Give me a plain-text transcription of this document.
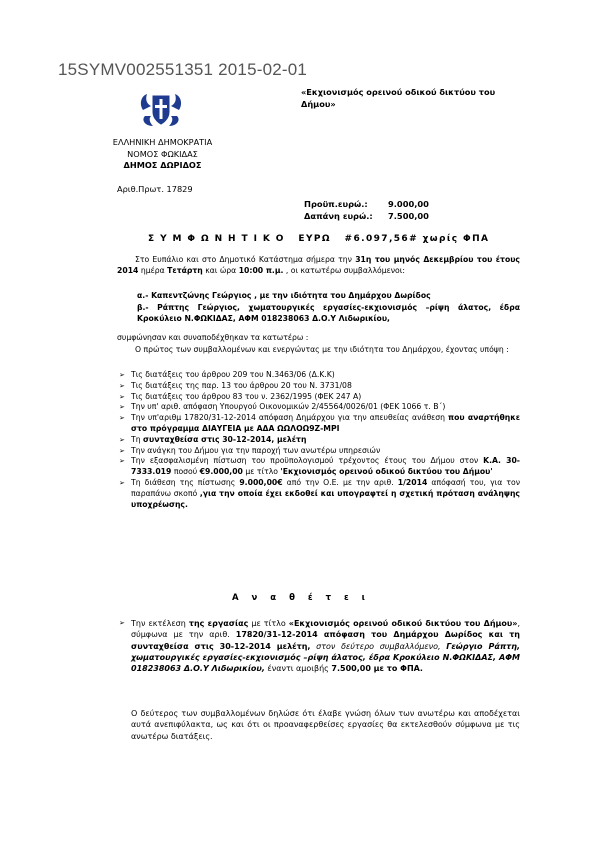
15SYMV002551351 2015-02-01
ΕΛΛΗΝΙΚΗ ΔΗΜΟΚΡΑΤΙΑ
ΝΟΜΟΣ ΦΩΚΙΔΑΣ
ΔΗΜΟΣ ΔΩΡΙΔΟΣ
«Εκχιονισμός ορεινού οδικού δικτύου του Δήμου»
Αριθ.Πρωτ. 17829
Προϋπ.ευρώ.: 9.000,00
Δαπάνη ευρώ.: 7.500,00
Σ Υ Μ Φ Ω Ν Η Τ Ι Κ Ο   ΕΥΡΩ   #6.097,56# χωρίς ΦΠΑ
Στο Ευπάλιο και στο Δημοτικό Κατάστημα σήμερα την 31η του μηνός Δεκεμβρίου του έτους 2014 ημέρα Τετάρτη και ώρα 10:00 π.μ. , οι κατωτέρω συμβαλλόμενοι:
α.- Καπεντζώνης Γεώργιος , με την ιδιότητα του Δημάρχου Δωρίδος
β.- Ράπτης Γεώργιος, χωματουργικές εργασίες-εκχιονισμός –ρίψη άλατος, έδρα Κροκύλειο Ν.ΦΩΚΙΔΑΣ, ΑΦΜ 018238063 Δ.Ο.Υ Λιδωρικίου,
συμφώνησαν και συναποδέχθηκαν τα κατωτέρω :
Ο πρώτος των συμβαλλομένων και ενεργώντας με την ιδιότητα του Δημάρχου, έχοντας υπόψη :
➢ Τις διατάξεις του άρθρου 209 του Ν.3463/06 (Δ.Κ.Κ)
➢ Τις διατάξεις της παρ. 13 του άρθρου 20 του Ν. 3731/08
➢ Τις διατάξεις του άρθρου 83 του ν. 2362/1995 (ΦΕΚ 247 Α)
➢ Την υπ' αριθ. απόφαση Υπουργού Οικονομικών 2/45564/0026/01 (ΦΕΚ 1066 τ. Β΄)
➢ Την υπ'αριθμ 17820/31-12-2014 απόφαση Δημάρχου για την απευθείας ανάθεση που αναρτήθηκε στο πρόγραμμα ΔΙΑΥΓΕΙΑ με ΑΔΑ ΩΩΛΟΩ9Ζ-ΜΡΙ
➢ Τη συνταχθείσα στις 30-12-2014, μελέτη
➢ Την ανάγκη του Δήμου για την παροχή των ανωτέρω υπηρεσιών
➢ Την εξασφαλισμένη πίστωση του προϋπολογισμού τρέχοντος έτους του Δήμου στον Κ.Α. 30-7333.019 ποσού €9.000,00 με τίτλο 'Εκχιονισμός ορεινού οδικού δικτύου του Δήμου'
➢ Τη διάθεση της πίστωσης 9.000,00€ από την Ο.Ε. με την αριθ. 1/2014 απόφασή του, για τον παραπάνω σκοπό ,για την οποία έχει εκδοθεί και υπογραφτεί η σχετική πρόταση ανάληψης υποχρέωσης.
Α ν α θ έ τ ε ι
➢ Την εκτέλεση της εργασίας με τίτλο «Εκχιονισμός ορεινού οδικού δικτύου του Δήμου», σύμφωνα με την αριθ. 17820/31-12-2014 απόφαση του Δημάρχου Δωρίδος και τη συνταχθείσα στις 30-12-2014 μελέτη, στον δεύτερο συμβαλλόμενο, Γεώργιο Ράπτη, χωματουργικές εργασίες-εκχιονισμός –ρίψη άλατος, έδρα Κροκύλειο Ν.ΦΩΚΙΔΑΣ, ΑΦΜ 018238063 Δ.Ο.Υ Λιδωρικίου, έναντι αμοιβής 7.500,00 με το ΦΠΑ.
Ο δεύτερος των συμβαλλομένων δηλώσε ότι έλαβε γνώση όλων των ανωτέρω και αποδέχεται αυτά ανεπιφύλακτα, ως και ότι οι προαναφερθείσες εργασίες θα εκτελεσθούν σύμφωνα με τις ανωτέρω διατάξεις.
